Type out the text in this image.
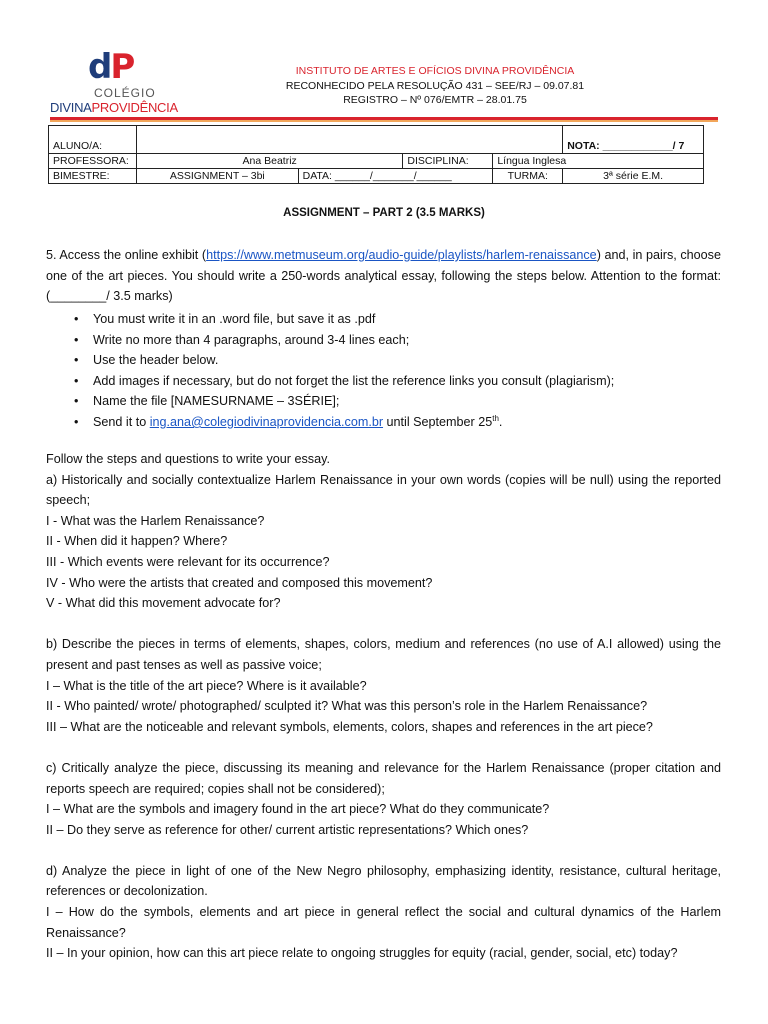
dP
COLÉGIO
DIVINAPROVIDÊNCIA
INSTITUTO DE ARTES E OFÍCIOS DIVINA PROVIDÊNCIA
RECONHECIDO PELA RESOLUÇÃO 431 – SEE/RJ – 09.07.81
REGISTRO – Nº 076/EMTR – 28.01.75
ALUNO/A:					NOTA: ____________/ 7
PROFESSORA:	Ana Beatriz		DISCIPLINA:	Língua Inglesa	
BIMESTRE:	ASSIGNMENT – 3bi	DATA: ______/_______/______		TURMA:	3ª série E.M.
ASSIGNMENT – PART 2 (3.5 MARKS)
5. Access the online exhibit (https://www.metmuseum.org/audio-guide/playlists/harlem-renaissance) and, in pairs, choose one of the art pieces. You should write a 250-words analytical essay, following the steps below. Attention to the format: (________/ 3.5 marks)
• You must write it in an .word file, but save it as .pdf
• Write no more than 4 paragraphs, around 3-4 lines each;
• Use the header below.
• Add images if necessary, but do not forget the list the reference links you consult (plagiarism);
• Name the file [NAMESURNAME – 3SÉRIE];
• Send it to ing.ana@colegiodivinaprovidencia.com.br until September 25th.
Follow the steps and questions to write your essay.
a) Historically and socially contextualize Harlem Renaissance in your own words (copies will be null) using the reported speech;
I - What was the Harlem Renaissance?
II - When did it happen? Where?
III - Which events were relevant for its occurrence?
IV - Who were the artists that created and composed this movement?
V - What did this movement advocate for?
b) Describe the pieces in terms of elements, shapes, colors, medium and references (no use of A.I allowed) using the present and past tenses as well as passive voice;
I – What is the title of the art piece? Where is it available?
II - Who painted/ wrote/ photographed/ sculpted it? What was this person’s role in the Harlem Renaissance?
III – What are the noticeable and relevant symbols, elements, colors, shapes and references in the art piece?
c) Critically analyze the piece, discussing its meaning and relevance for the Harlem Renaissance (proper citation and reports speech are required; copies shall not be considered);
I – What are the symbols and imagery found in the art piece? What do they communicate?
II – Do they serve as reference for other/ current artistic representations? Which ones?
d) Analyze the piece in light of one of the New Negro philosophy, emphasizing identity, resistance, cultural heritage, references or decolonization.
I – How do the symbols, elements and art piece in general reflect the social and cultural dynamics of the Harlem Renaissance?
II – In your opinion, how can this art piece relate to ongoing struggles for equity (racial, gender, social, etc) today?
